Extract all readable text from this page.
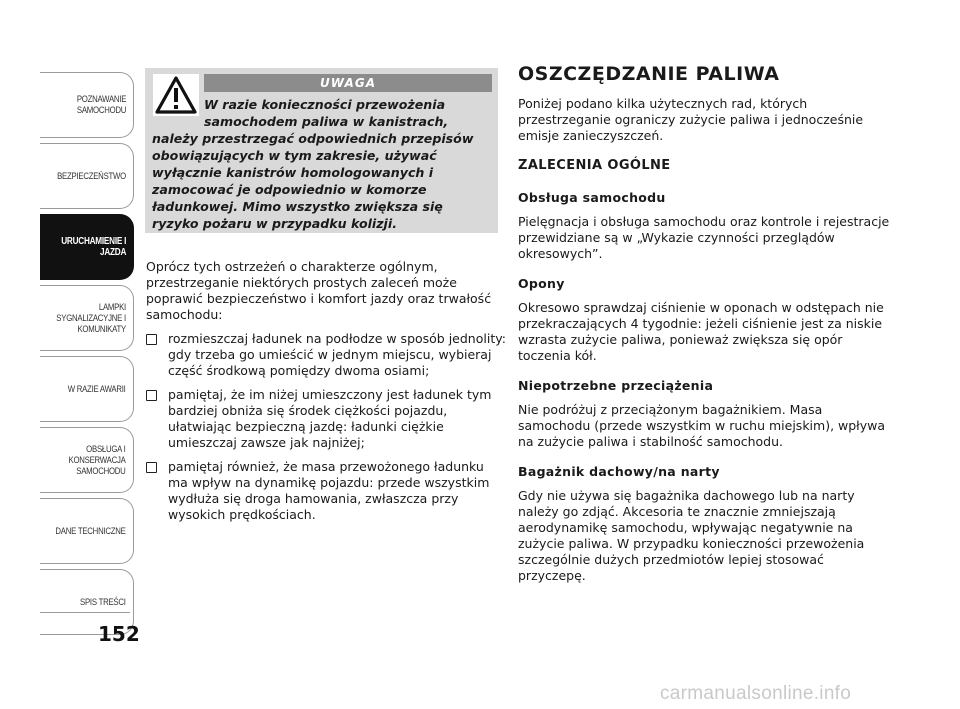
POZNAWANIE
SAMOCHODU
BEZPIECZEŃSTWO
URUCHAMIENIE I
JAZDA
LAMPKI
SYGNALIZACYJNE I
KOMUNIKATY
W RAZIE AWARII
OBSŁUGA I
KONSERWACJA
SAMOCHODU
DANE TECHNICZNE
SPIS TREŚCI
152
UWAGA
W razie konieczności przewożenia
samochodem paliwa w kanistrach,
należy przestrzegać odpowiednich przepisów obowiązujących w tym zakresie, używać wyłącznie kanistrów homologowanych i zamocować je odpowiednio w komorze ładunkowej. Mimo wszystko zwiększa się ryzyko pożaru w przypadku kolizji.

Oprócz tych ostrzeżeń o charakterze ogólnym, przestrzeganie niektórych prostych zaleceń może poprawić bezpieczeństwo i komfort jazdy oraz trwałość samochodu:

rozmieszczaj ładunek na podłodze w sposób jednolity: gdy trzeba go umieścić w jednym miejscu, wybieraj część środkową pomiędzy dwoma osiami;
pamiętaj, że im niżej umieszczony jest ładunek tym bardziej obniża się środek ciężkości pojazdu, ułatwiając bezpieczną jazdę: ładunki ciężkie umieszczaj zawsze jak najniżej;
pamiętaj również, że masa przewożonego ładunku ma wpływ na dynamikę pojazdu: przede wszystkim wydłuża się droga hamowania, zwłaszcza przy wysokich prędkościach.
OSZCZĘDZANIE PALIWA

Poniżej podano kilka użytecznych rad, których przestrzeganie ograniczy zużycie paliwa i jednocześnie emisje zanieczyszczeń.

ZALECENIA OGÓLNE
Obsługa samochodu

Pielęgnacja i obsługa samochodu oraz kontrole i rejestracje przewidziane są w „Wykazie czynności przeglądów okresowych”.

Opony

Okresowo sprawdzaj ciśnienie w oponach w odstępach nie przekraczających 4 tygodnie: jeżeli ciśnienie jest za niskie wzrasta zużycie paliwa, ponieważ zwiększa się opór toczenia kół.

Niepotrzebne przeciążenia

Nie podróżuj z przeciążonym bagażnikiem. Masa samochodu (przede wszystkim w ruchu miejskim), wpływa na zużycie paliwa i stabilność samochodu.

Bagażnik dachowy/na narty

Gdy nie używa się bagażnika dachowego lub na narty należy go zdjąć. Akcesoria te znacznie zmniejszają aerodynamikę samochodu, wpływając negatywnie na zużycie paliwa. W przypadku konieczności przewożenia szczególnie dużych przedmiotów lepiej stosować przyczepę.

carmanualsonline.info
